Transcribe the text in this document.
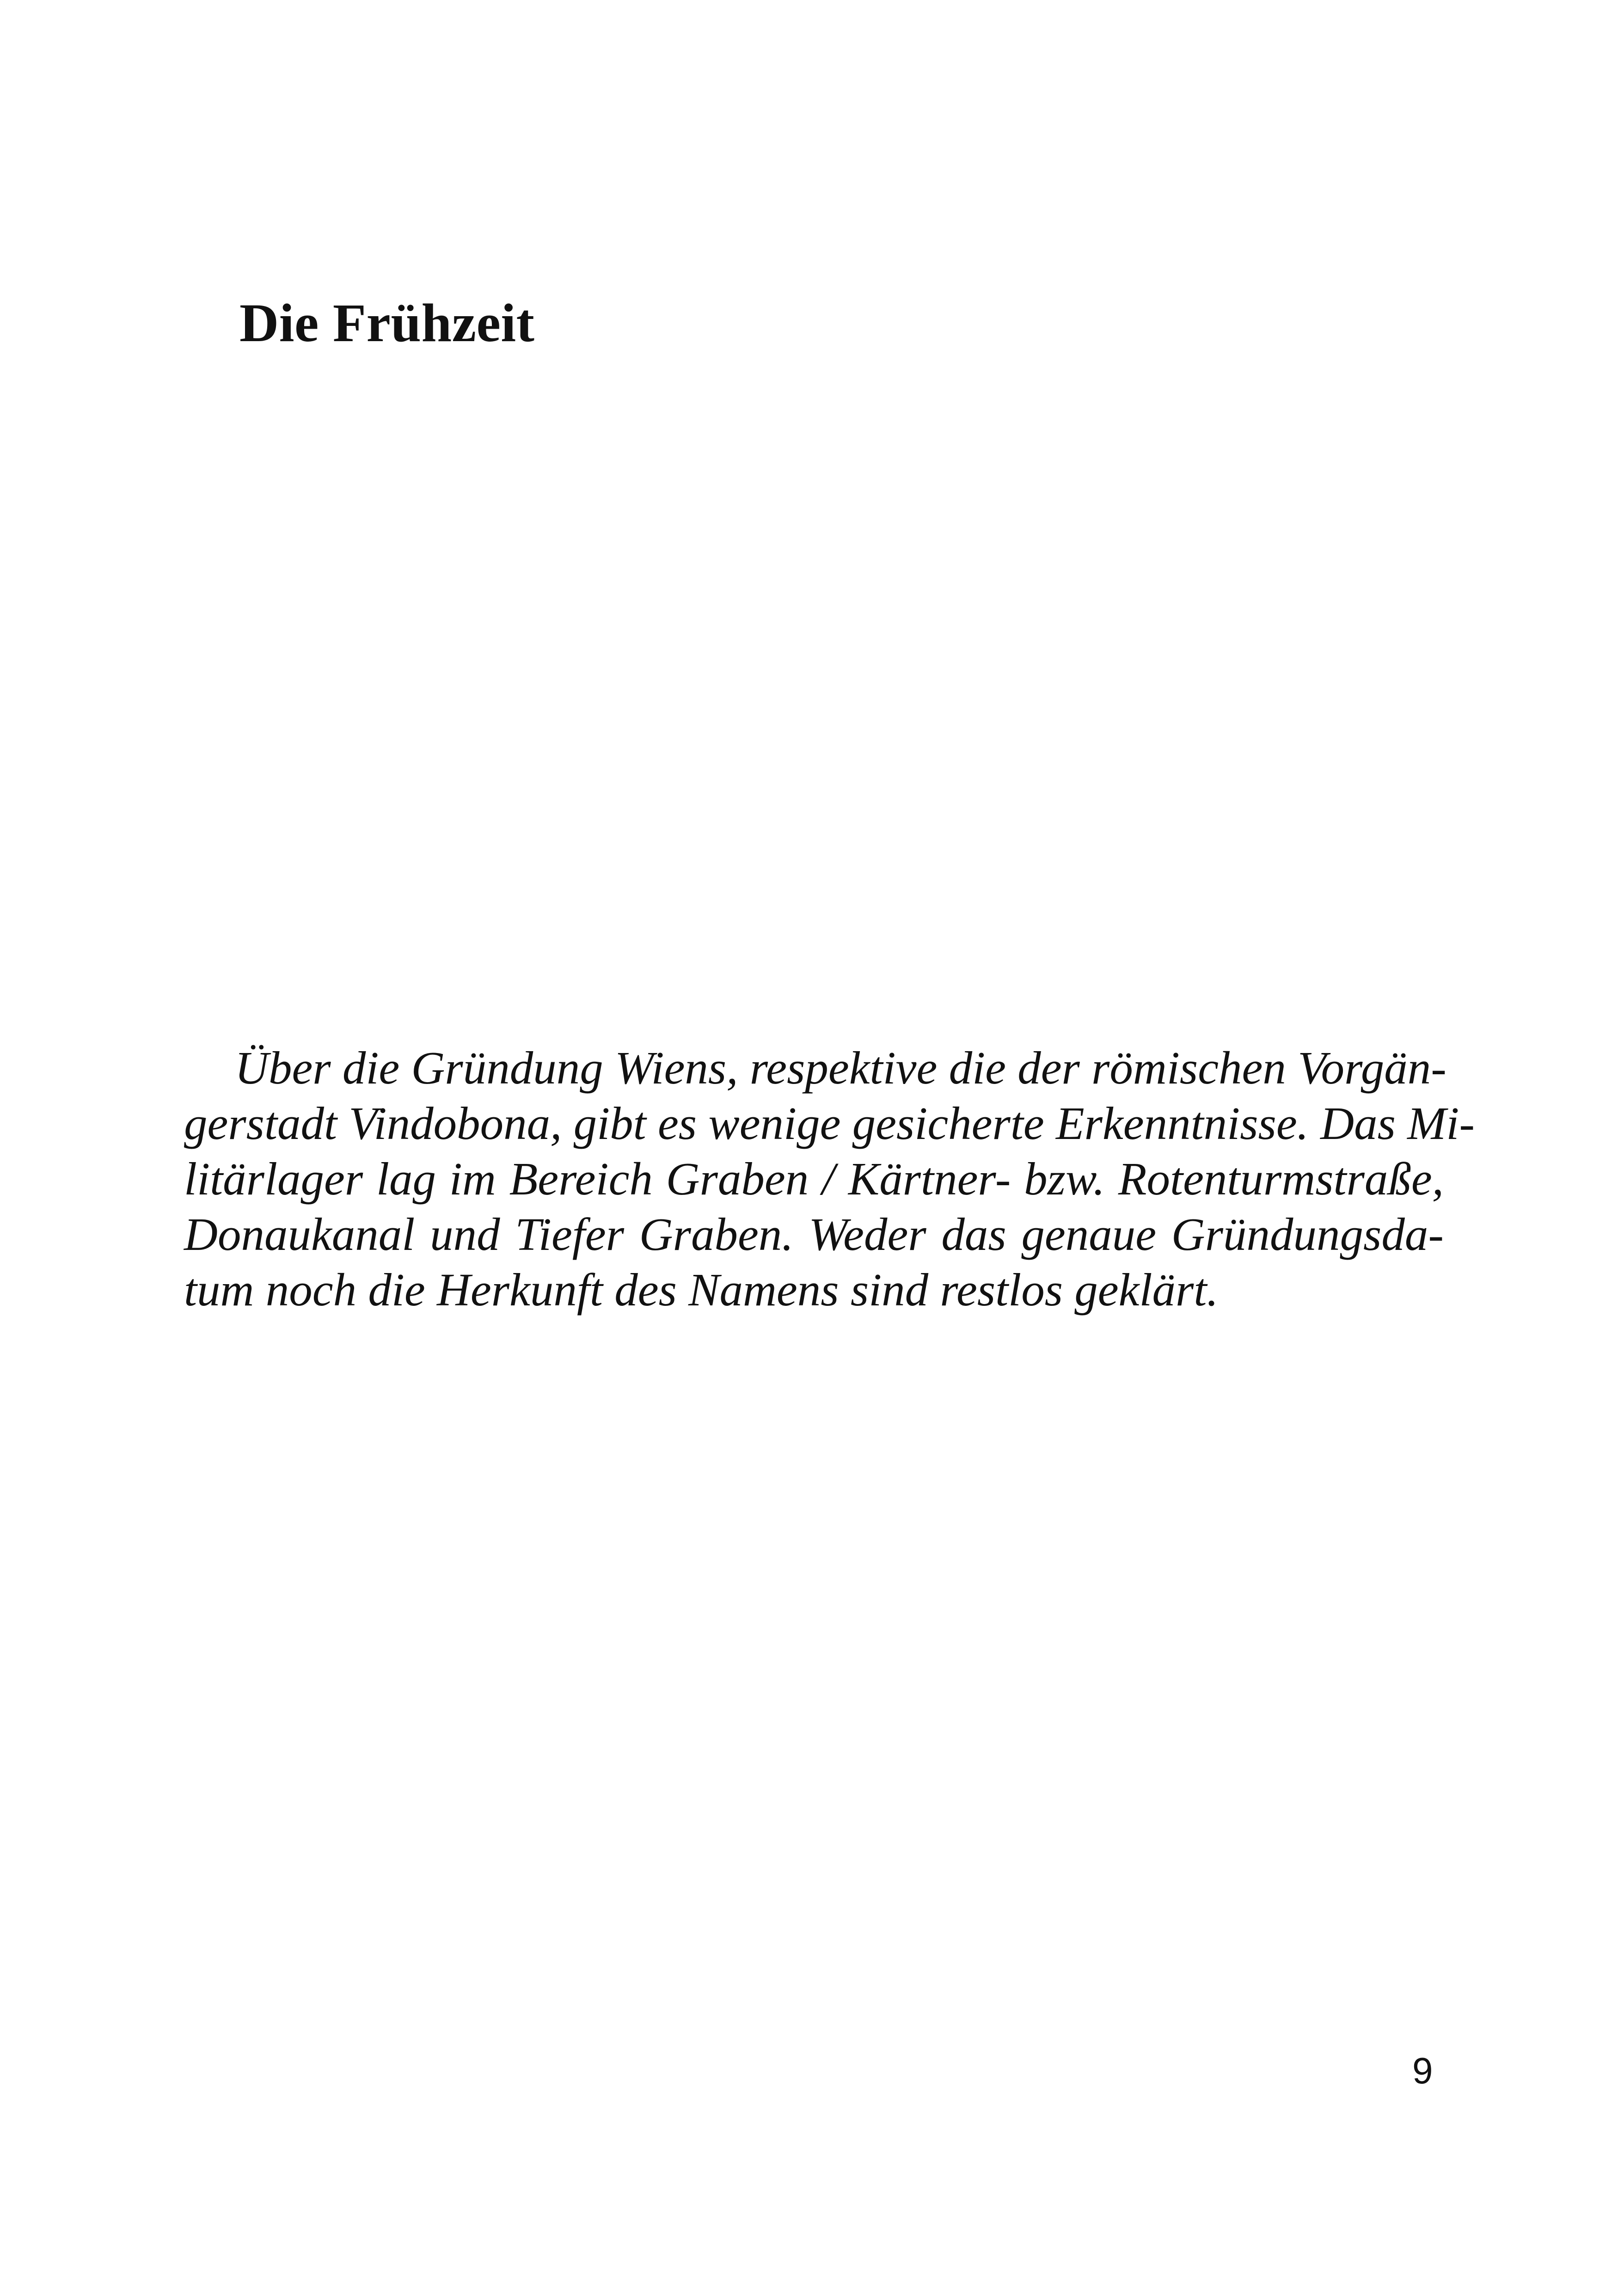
Die Frühzeit

Über die Gründung Wiens, respektive die der römischen Vorgän-
gerstadt Vindobona, gibt es wenige gesicherte Erkenntnisse. Das Mi-
litärlager lag im Bereich Graben / Kärtner- bzw. Rotenturmstraße,
Donaukanal und Tiefer Graben. Weder das genaue Gründungsda-
tum noch die Herkunft des Namens sind restlos geklärt.

9
